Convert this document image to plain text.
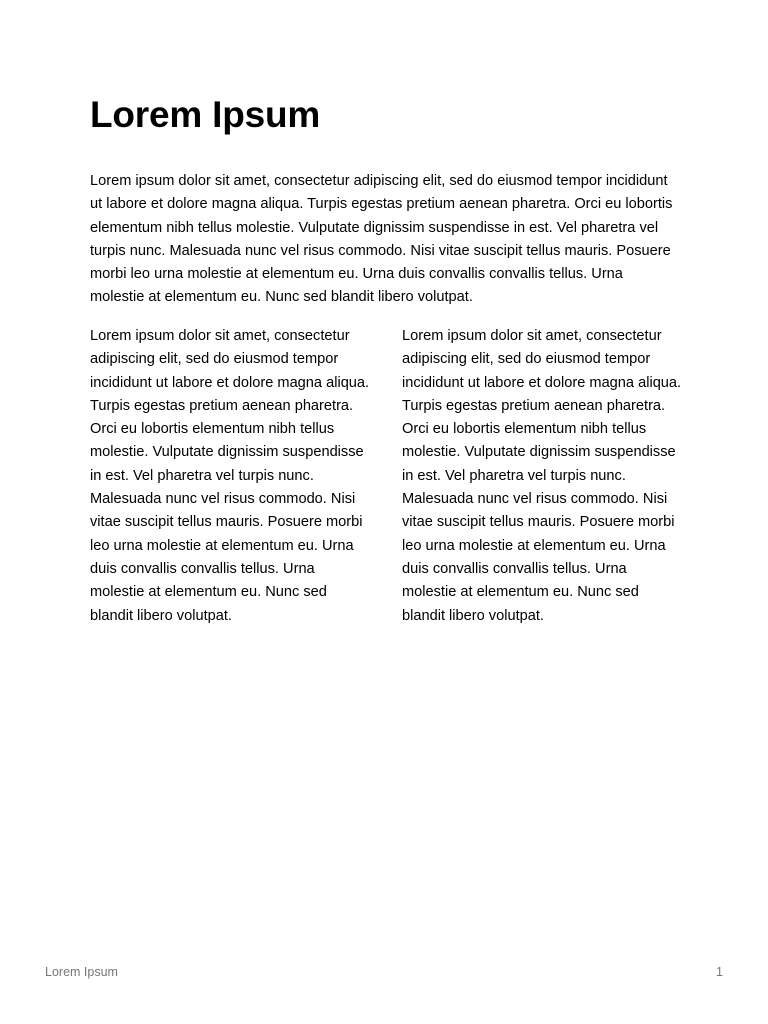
Lorem Ipsum

Lorem ipsum dolor sit amet, consectetur adipiscing elit, sed do eiusmod tempor incididunt ut labore et dolore magna aliqua. Turpis egestas pretium aenean pharetra. Orci eu lobortis elementum nibh tellus molestie. Vulputate dignissim suspendisse in est. Vel pharetra vel turpis nunc. Malesuada nunc vel risus commodo. Nisi vitae suscipit tellus mauris. Posuere morbi leo urna molestie at elementum eu. Urna duis convallis convallis tellus. Urna molestie at elementum eu. Nunc sed blandit libero volutpat.

Lorem ipsum dolor sit amet, consectetur adipiscing elit, sed do eiusmod tempor incididunt ut labore et dolore magna aliqua. Turpis egestas pretium aenean pharetra. Orci eu lobortis elementum nibh tellus molestie. Vulputate dignissim suspendisse in est. Vel pharetra vel turpis nunc. Malesuada nunc vel risus commodo. Nisi vitae suscipit tellus mauris. Posuere morbi leo urna molestie at elementum eu. Urna duis convallis convallis tellus. Urna molestie at elementum eu. Nunc sed blandit libero volutpat.

Lorem ipsum dolor sit amet, consectetur adipiscing elit, sed do eiusmod tempor incididunt ut labore et dolore magna aliqua. Turpis egestas pretium aenean pharetra. Orci eu lobortis elementum nibh tellus molestie. Vulputate dignissim suspendisse in est. Vel pharetra vel turpis nunc. Malesuada nunc vel risus commodo. Nisi vitae suscipit tellus mauris. Posuere morbi leo urna molestie at elementum eu. Urna duis convallis convallis tellus. Urna molestie at elementum eu. Nunc sed blandit libero volutpat.

Lorem Ipsum	1
